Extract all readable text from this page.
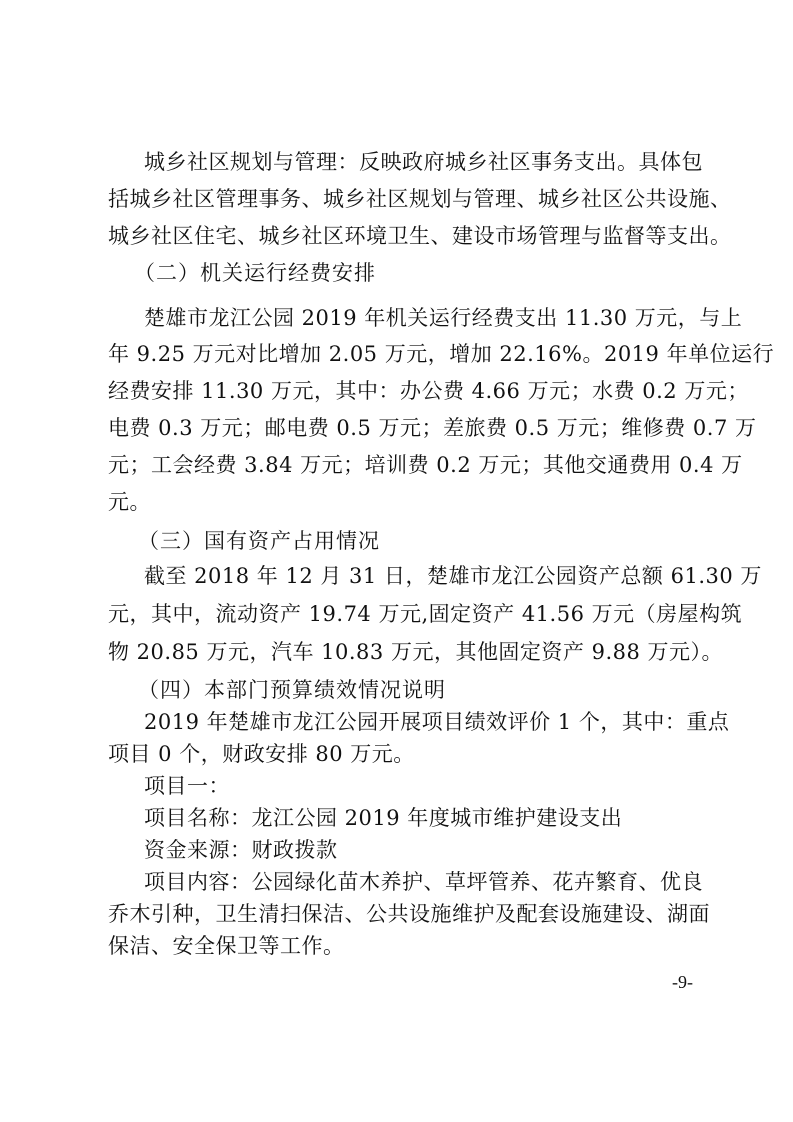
城乡社区规划与管理：反映政府城乡社区事务支出。具体包
括城乡社区管理事务、城乡社区规划与管理、城乡社区公共设施、
城乡社区住宅、城乡社区环境卫生、建设市场管理与监督等支出。
（二）机关运行经费安排
楚雄市龙江公园 2019 年机关运行经费支出 11.30 万元，与上
年 9.25 万元对比增加 2.05 万元，增加 22.16%。2019 年单位运行
经费安排 11.30 万元，其中：办公费 4.66 万元；水费 0.2 万元；
电费 0.3 万元；邮电费 0.5 万元；差旅费 0.5 万元；维修费 0.7 万
元；工会经费 3.84 万元；培训费 0.2 万元；其他交通费用 0.4 万
元。
（三）国有资产占用情况
截至 2018 年 12 月 31 日，楚雄市龙江公园资产总额 61.30 万
元，其中，流动资产 19.74 万元,固定资产 41.56 万元（房屋构筑
物 20.85 万元，汽车 10.83 万元，其他固定资产 9.88 万元）。
（四）本部门预算绩效情况说明
2019 年楚雄市龙江公园开展项目绩效评价 1 个，其中：重点
项目 0 个，财政安排 80 万元。
项目一：
项目名称：龙江公园 2019 年度城市维护建设支出
资金来源：财政拨款
项目内容：公园绿化苗木养护、草坪管养、花卉繁育、优良
乔木引种，卫生清扫保洁、公共设施维护及配套设施建设、湖面
保洁、安全保卫等工作。
-9-
